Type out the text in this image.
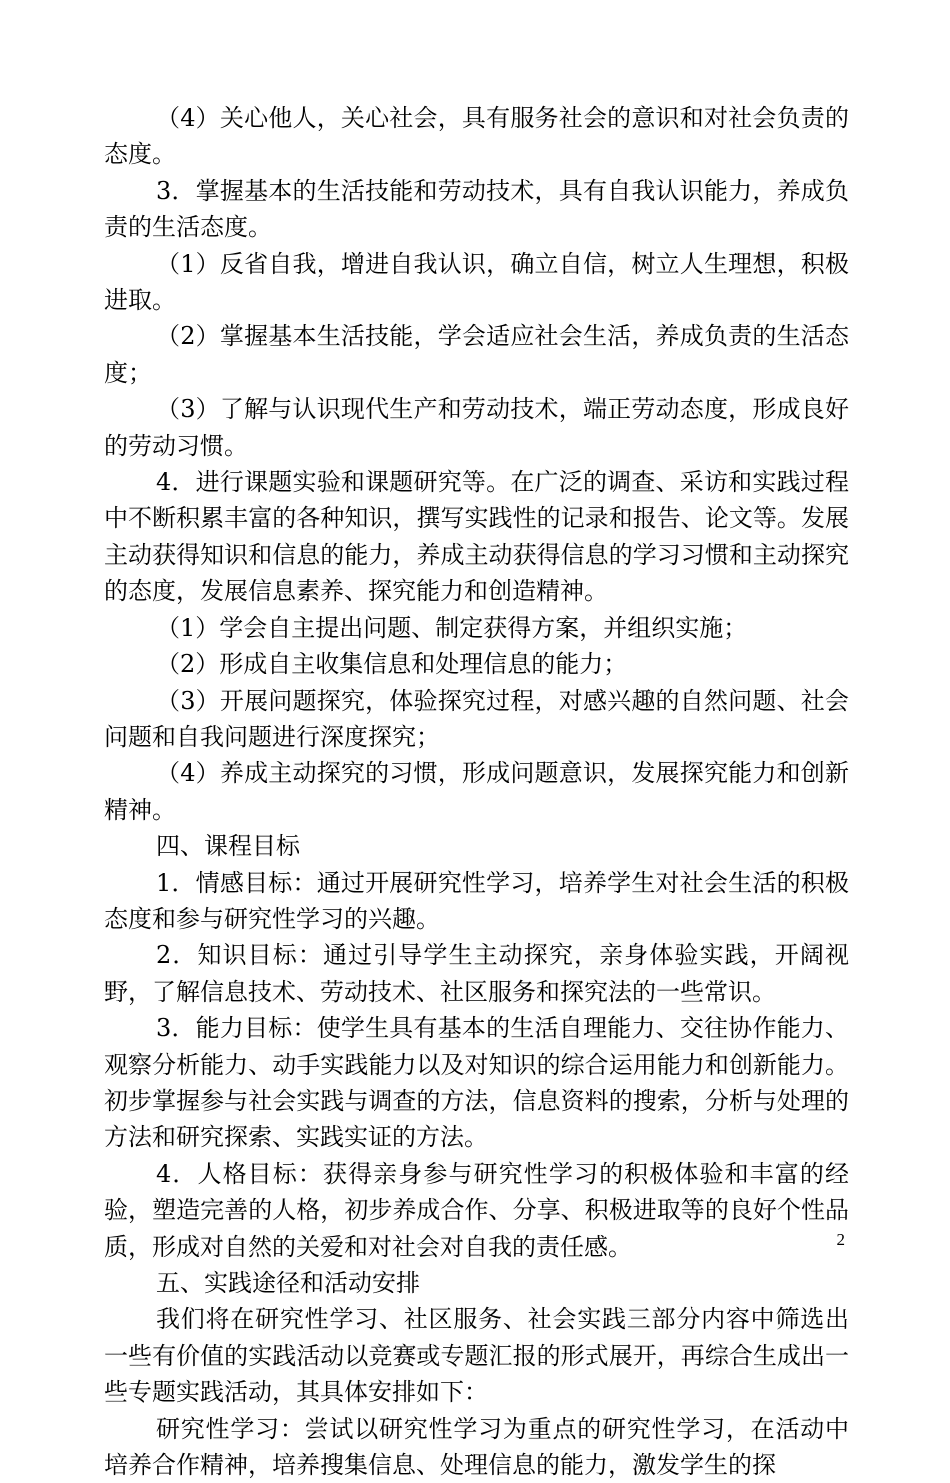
（4）关心他人，关心社会，具有服务社会的意识和对社会负责的态度。

3．掌握基本的生活技能和劳动技术，具有自我认识能力，养成负责的生活态度。

（1）反省自我，增进自我认识，确立自信，树立人生理想，积极进取。

（2）掌握基本生活技能，学会适应社会生活，养成负责的生活态度；

（3）了解与认识现代生产和劳动技术，端正劳动态度，形成良好的劳动习惯。

4．进行课题实验和课题研究等。在广泛的调查、采访和实践过程中不断积累丰富的各种知识，撰写实践性的记录和报告、论文等。发展主动获得知识和信息的能力，养成主动获得信息的学习习惯和主动探究的态度，发展信息素养、探究能力和创造精神。

（1）学会自主提出问题、制定获得方案，并组织实施；

（2）形成自主收集信息和处理信息的能力；

（3）开展问题探究，体验探究过程，对感兴趣的自然问题、社会问题和自我问题进行深度探究；

（4）养成主动探究的习惯，形成问题意识，发展探究能力和创新精神。

四、课程目标

1．情感目标：通过开展研究性学习，培养学生对社会生活的积极态度和参与研究性学习的兴趣。

2．知识目标：通过引导学生主动探究，亲身体验实践，开阔视野，了解信息技术、劳动技术、社区服务和探究法的一些常识。

3．能力目标：使学生具有基本的生活自理能力、交往协作能力、观察分析能力、动手实践能力以及对知识的综合运用能力和创新能力。初步掌握参与社会实践与调查的方法，信息资料的搜索，分析与处理的方法和研究探索、实践实证的方法。

4．人格目标：获得亲身参与研究性学习的积极体验和丰富的经验，塑造完善的人格，初步养成合作、分享、积极进取等的良好个性品质，形成对自然的关爱和对社会对自我的责任感。

五、实践途径和活动安排

我们将在研究性学习、社区服务、社会实践三部分内容中筛选出一些有价值的实践活动以竞赛或专题汇报的形式展开，再综合生成出一些专题实践活动，其具体安排如下：

研究性学习：尝试以研究性学习为重点的研究性学习，在活动中培养合作精神，培养搜集信息、处理信息的能力，激发学生的探

2
